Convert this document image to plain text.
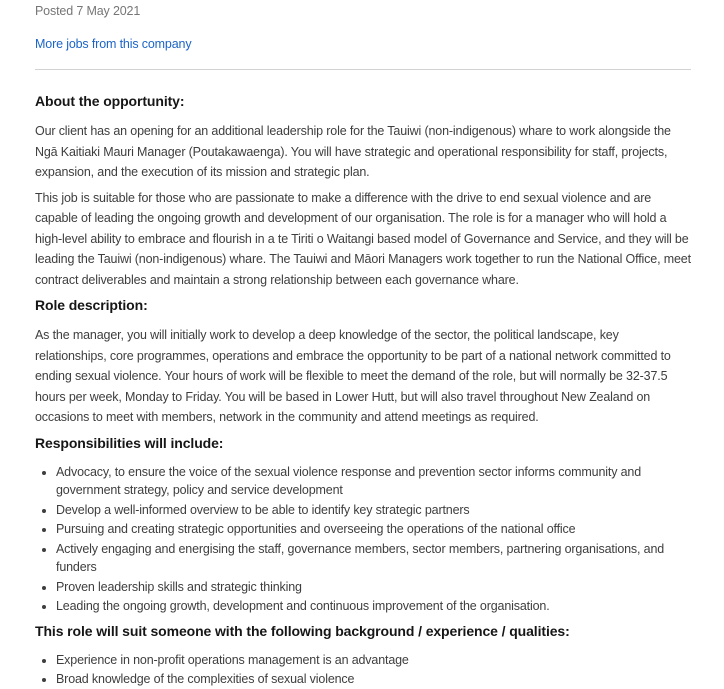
Posted 7 May 2021
More jobs from this company
About the opportunity:

Our client has an opening for an additional leadership role for the Tauiwi (non-indigenous) whare to work alongside the Ngā Kaitiaki Mauri Manager (Poutakawaenga). You will have strategic and operational responsibility for staff, projects, expansion, and the execution of its mission and strategic plan.

This job is suitable for those who are passionate to make a difference with the drive to end sexual violence and are capable of leading the ongoing growth and development of our organisation. The role is for a manager who will hold a high-level ability to embrace and flourish in a te Tiriti o Waitangi based model of Governance and Service, and they will be leading the Tauiwi (non-indigenous) whare. The Tauiwi and Māori Managers work together to run the National Office, meet contract deliverables and maintain a strong relationship between each governance whare.

Role description:

As the manager, you will initially work to develop a deep knowledge of the sector, the political landscape, key relationships, core programmes, operations and embrace the opportunity to be part of a national network committed to ending sexual violence. Your hours of work will be flexible to meet the demand of the role, but will normally be 32-37.5 hours per week, Monday to Friday. You will be based in Lower Hutt, but will also travel throughout New Zealand on occasions to meet with members, network in the community and attend meetings as required.

Responsibilities will include:
• Advocacy, to ensure the voice of the sexual violence response and prevention sector informs community and government strategy, policy and service development
• Develop a well-informed overview to be able to identify key strategic partners
• Pursuing and creating strategic opportunities and overseeing the operations of the national office
• Actively engaging and energising the staff, governance members, sector members, partnering organisations, and funders
• Proven leadership skills and strategic thinking
• Leading the ongoing growth, development and continuous improvement of the organisation.
This role will suit someone with the following background / experience / qualities:
• Experience in non-profit operations management is an advantage
• Broad knowledge of the complexities of sexual violence
